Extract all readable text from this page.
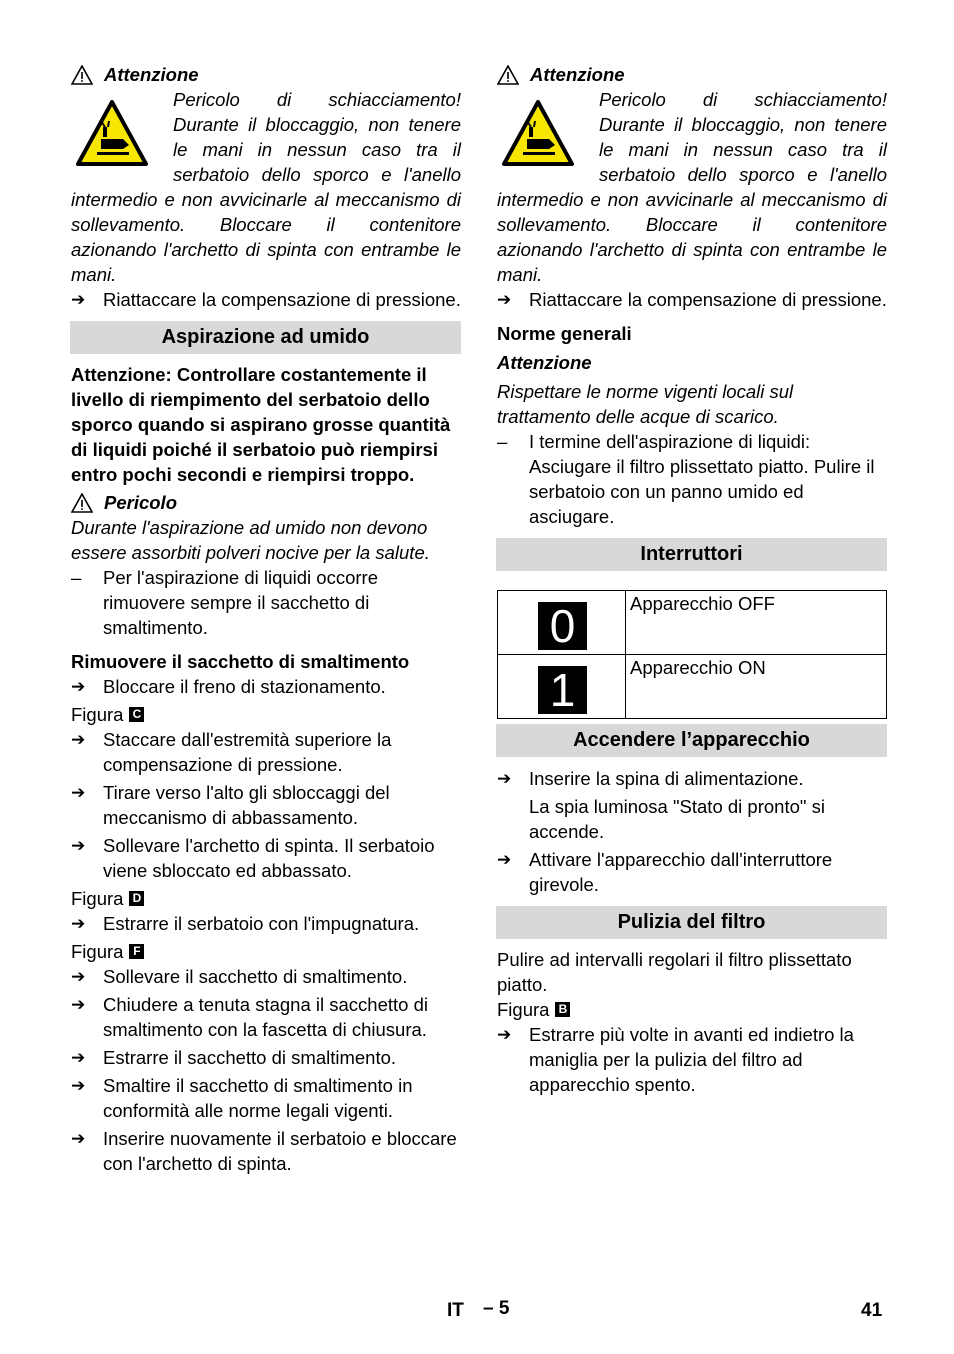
Attenzione
Pericolo di schiacciamento! Durante il bloccaggio, non tenere le mani in nessun caso tra il serbatoio dello sporco e l'anello intermedio e non avvicinarle al meccanismo di sollevamento. Bloccare il contenitore azionando l'archetto di spinta con entrambe le mani.
➔ Riattaccare la compensazione di pressione.
Aspirazione ad umido
Attenzione: Controllare costantemente il livello di riempimento del serbatoio dello sporco quando si aspirano grosse quantità di liquidi poiché il serbatoio può riempirsi entro pochi secondi e riempirsi troppo.
Pericolo
Durante l'aspirazione ad umido non devono essere assorbiti polveri nocive per la salute.
–	Per l'aspirazione di liquidi occorre rimuovere sempre il sacchetto di smaltimento.
Rimuovere il sacchetto di smaltimento
➔ Bloccare il freno di stazionamento.
Figura C
➔ Staccare dall'estremità superiore la compensazione di pressione.
➔ Tirare verso l'alto gli sbloccaggi del meccanismo di abbassamento.
➔ Sollevare l'archetto di spinta. Il serbatoio viene sbloccato ed abbassato.
Figura D
➔ Estrarre il serbatoio con l'impugnatura.
Figura F
➔ Sollevare il sacchetto di smaltimento.
➔ Chiudere a tenuta stagna il sacchetto di smaltimento con la fascetta di chiusura.
➔ Estrarre il sacchetto di smaltimento.
➔ Smaltire il sacchetto di smaltimento in conformità alle norme legali vigenti.
➔ Inserire nuovamente il serbatoio e bloccare con l'archetto di spinta.
Attenzione
Pericolo di schiacciamento! Durante il bloccaggio, non tenere le mani in nessun caso tra il serbatoio dello sporco e l'anello intermedio e non avvicinarle al meccanismo di sollevamento. Bloccare il contenitore azionando l'archetto di spinta con entrambe le mani.
➔ Riattaccare la compensazione di pressione.
Norme generali
Attenzione
Rispettare le norme vigenti locali sul trattamento delle acque di scarico.
–	I termine dell'aspirazione di liquidi: Asciugare il filtro plissettato piatto. Pulire il serbatoio con un panno umido ed asciugare.
Interruttori
0	Apparecchio OFF

1	Apparecchio ON
Accendere l’apparecchio
➔ Inserire la spina di alimentazione.
La spia luminosa "Stato di pronto" si accende.
➔ Attivare l'apparecchio dall'interruttore girevole.
Pulizia del filtro
Pulire ad intervalli regolari il filtro plissettato piatto.
Figura B
➔ Estrarre più volte in avanti ed indietro la maniglia per la pulizia del filtro ad apparecchio spento.
IT – 5	41
